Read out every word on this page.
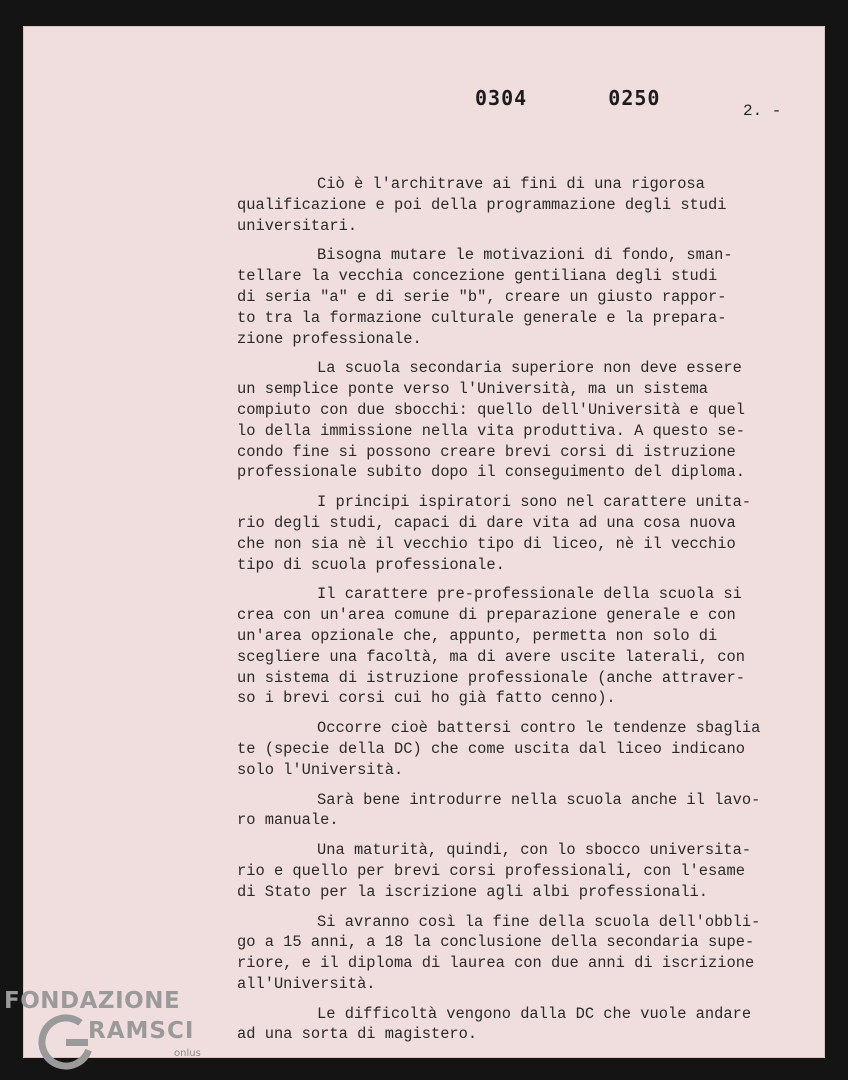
0304   0250
2. -

Ciò è l'architrave ai fini di una rigorosa
qualificazione e poi della programmazione degli studi
universitari.

Bisogna mutare le motivazioni di fondo, sman-
tellare la vecchia concezione gentiliana degli studi
di seria "a" e di serie "b", creare un giusto rappor-
to tra la formazione culturale generale e la prepara-
zione professionale.

La scuola secondaria superiore non deve essere
un semplice ponte verso l'Università, ma un sistema
compiuto con due sbocchi: quello dell'Università e quel
lo della immissione nella vita produttiva. A questo se-
condo fine si possono creare brevi corsi di istruzione
professionale subito dopo il conseguimento del diploma.

I principi ispiratori sono nel carattere unita-
rio degli studi, capaci di dare vita ad una cosa nuova
che non sia nè il vecchio tipo di liceo, nè il vecchio
tipo di scuola professionale.

Il carattere pre-professionale della scuola si
crea con un'area comune di preparazione generale e con
un'area opzionale che, appunto, permetta non solo di
scegliere una facoltà, ma di avere uscite laterali, con
un sistema di istruzione professionale (anche attraver-
so i brevi corsi cui ho già fatto cenno).

Occorre cioè battersi contro le tendenze sbaglia
te (specie della DC) che come uscita dal liceo indicano
solo l'Università.

Sarà bene introdurre nella scuola anche il lavo-
ro manuale.

Una maturità, quindi, con lo sbocco universita-
rio e quello per brevi corsi professionali, con l'esame
di Stato per la iscrizione agli albi professionali.

Si avranno così la fine della scuola dell'obbli-
go a 15 anni, a 18 la conclusione della secondaria supe-
riore, e il diploma di laurea con due anni di iscrizione
all'Università.

Le difficoltà vengono dalla DC che vuole andare
ad una sorta di magistero.

FONDAZIONE
RAMSCI
onlus
